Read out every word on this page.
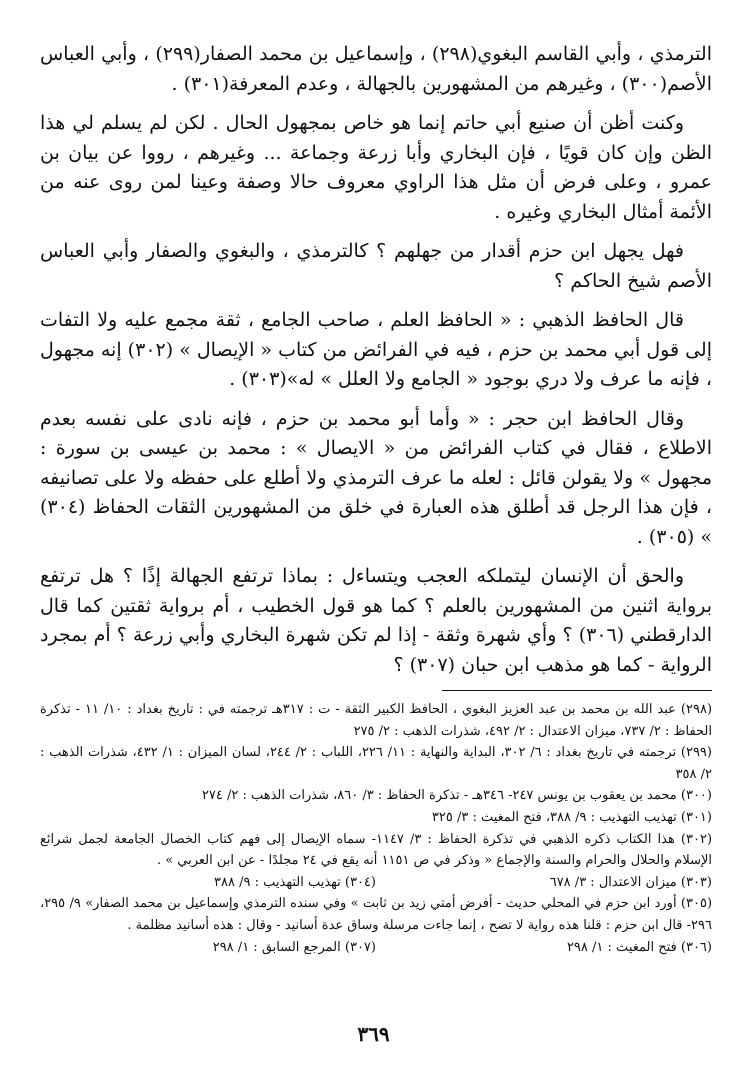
الترمذي ، وأبي القاسم البغوي(٢٩٨) ، وإسماعيل بن محمد الصفار(٢٩٩) ، وأبي العباس الأصم(٣٠٠) ، وغيرهم من المشهورين بالجهالة ، وعدم المعرفة(٣٠١) .

وكنت أظن أن صنيع أبي حاتم إنما هو خاص بمجهول الحال . لكن لم يسلم لي هذا الظن وإن كان قويًا ، فإن البخاري وأبا زرعة وجماعة ... وغيرهم ، رووا عن بيان بن عمرو ، وعلى فرض أن مثل هذا الراوي معروف حالا وصفة وعينا لمن روى عنه من الأئمة أمثال البخاري وغيره .

فهل يجهل ابن حزم أقدار من جهلهم ؟ كالترمذي ، والبغوي والصفار وأبي العباس الأصم شيخ الحاكم ؟

قال الحافظ الذهبي : « الحافظ العلم ، صاحب الجامع ، ثقة مجمع عليه ولا التفات إلى قول أبي محمد بن حزم ، فيه في الفرائض من كتاب « الإيصال » (٣٠٢) إنه مجهول ، فإنه ما عرف ولا دري بوجود « الجامع ولا العلل » له»(٣٠٣) .

وقال الحافظ ابن حجر : « وأما أبو محمد بن حزم ، فإنه نادى على نفسه بعدم الاطلاع ، فقال في كتاب الفرائض من « الايصال » : محمد بن عيسى بن سورة : مجهول » ولا يقولن قائل : لعله ما عرف الترمذي ولا أطلع على حفظه ولا على تصانيفه ، فإن هذا الرجل قد أطلق هذه العبارة في خلق من المشهورين الثقات الحفاظ (٣٠٤) » (٣٠٥) .

والحق أن الإنسان ليتملكه العجب ويتساءل : بماذا ترتفع الجهالة إذًا ؟ هل ترتفع برواية اثنين من المشهورين بالعلم ؟ كما هو قول الخطيب ، أم برواية ثقتين كما قال الدارقطني (٣٠٦) ؟ وأي شهرة وثقة - إذا لم تكن شهرة البخاري وأبي زرعة ؟ أم بمجرد الرواية - كما هو مذهب ابن حبان (٣٠٧) ؟

(٢٩٨) عبد الله بن محمد بن عبد العزيز البغوي ، الحافظ الكبير الثقة - ت : ٣١٧هـ ترجمته في : تاريخ بغداد : ١٠/ ١١ - تذكرة الحفاظ : ٢/ ٧٣٧، ميزان الاعتدال : ٢/ ٤٩٢، شذرات الذهب : ٢/ ٢٧٥

(٢٩٩) ترجمته في تاريخ بغداد : ٦/ ٣٠٢، البداية والنهاية : ١١/ ٢٢٦، اللباب : ٢/ ٢٤٤، لسان الميزان : ١/ ٤٣٢، شذرات الذهب : ٢/ ٣٥٨

(٣٠٠) محمد بن يعقوب بن يونس ٢٤٧- ٣٤٦هـ - تذكرة الحفاظ : ٣/ ٨٦٠، شذرات الذهب : ٢/ ٢٧٤

(٣٠١) تهذيب التهذيب : ٩/ ٣٨٨، فتح المغيث : ٣/ ٣٢٥

(٣٠٢) هذا الكتاب ذكره الذهبي في تذكرة الحفاظ : ٣/ ١١٤٧- سماه الإيصال إلى فهم كتاب الخصال الجامعة لجمل شرائع الإسلام والحلال والحرام والسنة والإجماع « وذكر في ص ١١٥١ أنه يقع في ٢٤ مجلدًا - عن ابن العربي » .

(٣٠٣) ميزان الاعتدال : ٣/ ٦٧٨
(٣٠٤) تهذيب التهذيب : ٩/ ٣٨٨

(٣٠٥) أورد ابن حزم في المحلي حديث - أفرض أمتي زيد بن ثابت » وفي سنده الترمذي وإسماعيل بن محمد الصفار» ٩/ ٢٩٥، ٢٩٦- قال ابن حزم : قلنا هذه رواية لا تصح ، إنما جاءت مرسلة وساق عدة أسانيد - وقال : هذه أسانيد مظلمة .

(٣٠٦) فتح المغيث : ١/ ٢٩٨
(٣٠٧) المرجع السابق : ١/ ٢٩٨
٣٦٩
